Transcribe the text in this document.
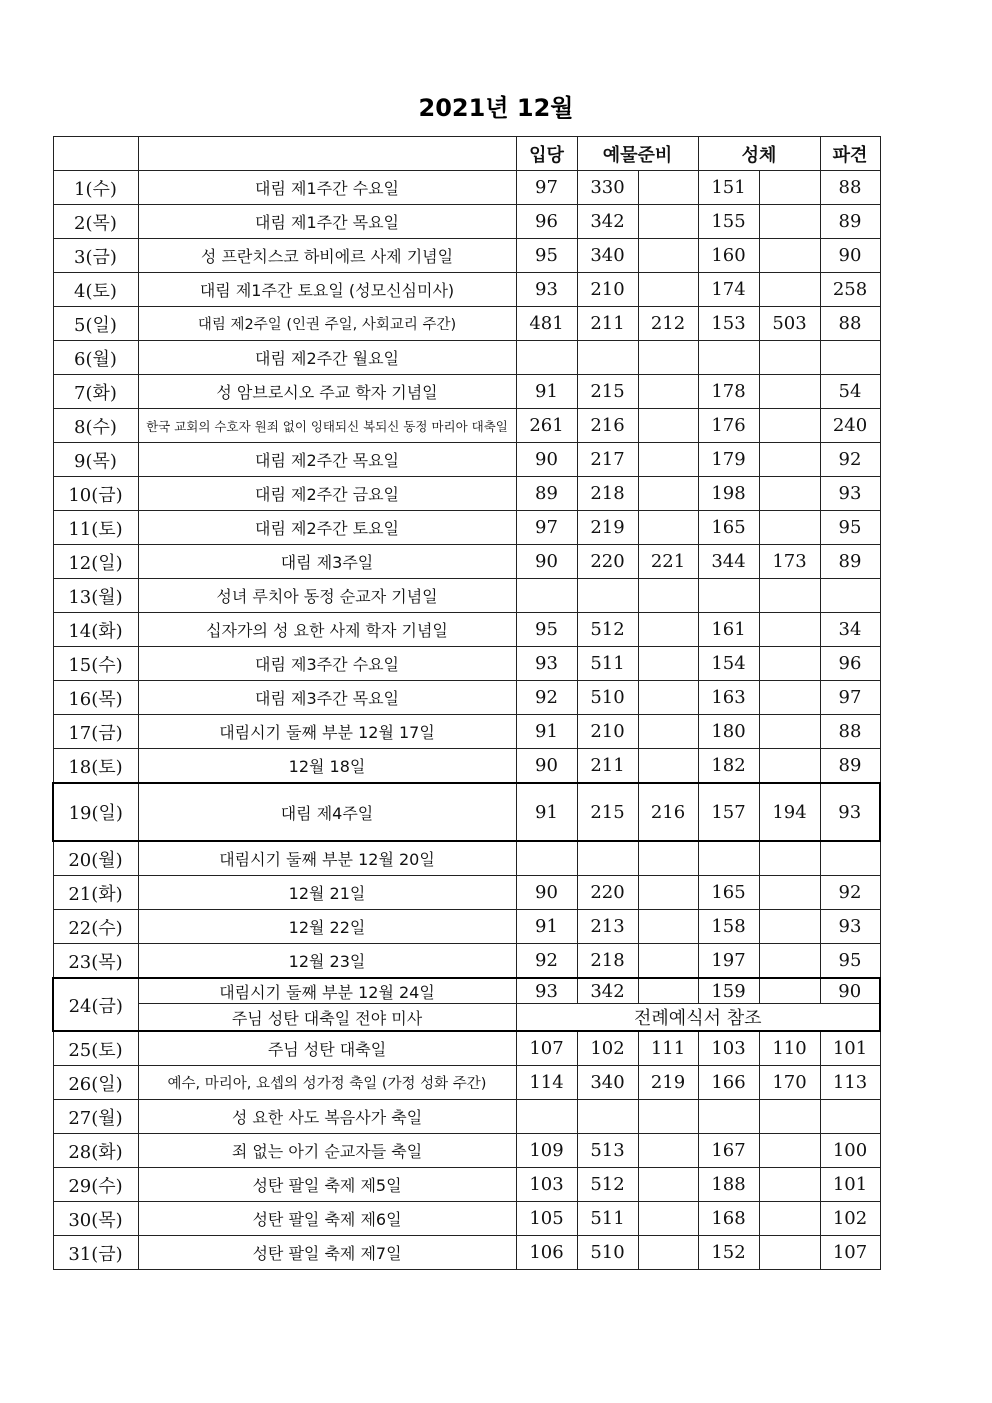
2021년 12월
		입당	예물준비		성체		파견
1(수)	대림 제1주간 수요일	97	330		151		88
2(목)	대림 제1주간 목요일	96	342		155		89
3(금)	성 프란치스코 하비에르 사제 기념일	95	340		160		90
4(토)	대림 제1주간 토요일 (성모신심미사)	93	210		174		258
5(일)	대림 제2주일 (인권 주일, 사회교리 주간)	481	211	212	153	503	88
6(월)	대림 제2주간 월요일						
7(화)	성 암브로시오 주교 학자 기념일	91	215		178		54
8(수)	한국 교회의 수호자 원죄 없이 잉태되신 복되신 동정 마리아 대축일	261	216		176		240
9(목)	대림 제2주간 목요일	90	217		179		92
10(금)	대림 제2주간 금요일	89	218		198		93
11(토)	대림 제2주간 토요일	97	219		165		95
12(일)	대림 제3주일	90	220	221	344	173	89
13(월)	성녀 루치아 동정 순교자 기념일						
14(화)	십자가의 성 요한 사제 학자 기념일	95	512		161		34
15(수)	대림 제3주간 수요일	93	511		154		96
16(목)	대림 제3주간 목요일	92	510		163		97
17(금)	대림시기 둘째 부분 12월 17일	91	210		180		88
18(토)	12월 18일	90	211		182		89
19(일)	대림 제4주일	91	215	216	157	194	93
20(월)	대림시기 둘째 부분 12월 20일						
21(화)	12월 21일	90	220		165		92
22(수)	12월 22일	91	213		158		93
23(목)	12월 23일	92	218		197		95
24(금)	대림시기 둘째 부분 12월 24일	93	342		159		90
	주님 성탄 대축일 전야 미사	전례예식서 참조					
25(토)	주님 성탄 대축일	107	102	111	103	110	101
26(일)	예수, 마리아, 요셉의 성가정 축일 (가정 성화 주간)	114	340	219	166	170	113
27(월)	성 요한 사도 복음사가 축일						
28(화)	죄 없는 아기 순교자들 축일	109	513		167		100
29(수)	성탄 팔일 축제 제5일	103	512		188		101
30(목)	성탄 팔일 축제 제6일	105	511		168		102
31(금)	성탄 팔일 축제 제7일	106	510		152		107
